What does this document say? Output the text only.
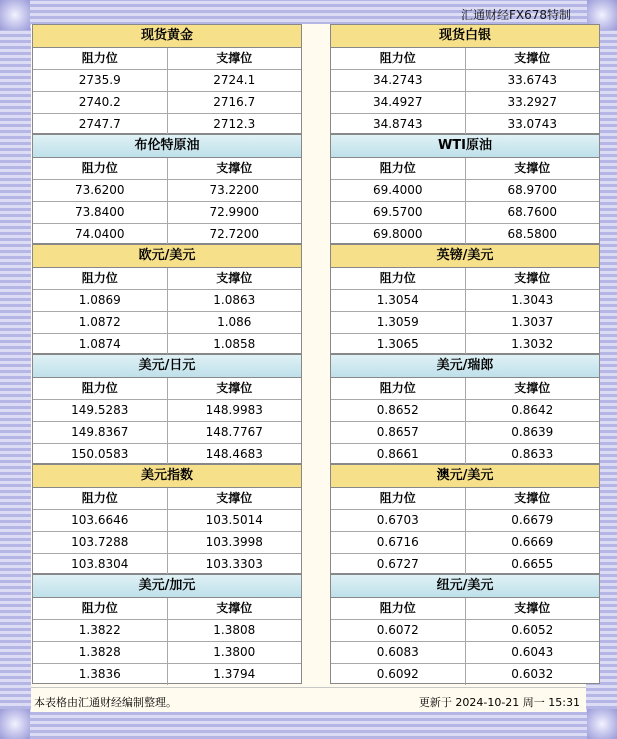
汇通财经FX678特制
现货黄金
阻力位	支撑位
2735.9	2724.1
2740.2	2716.7
2747.7	2712.3
布伦特原油
阻力位	支撑位
73.6200	73.2200
73.8400	72.9900
74.0400	72.7200
欧元/美元
阻力位	支撑位
1.0869	1.0863
1.0872	1.086
1.0874	1.0858
美元/日元
阻力位	支撑位
149.5283	148.9983
149.8367	148.7767
150.0583	148.4683
美元指数
阻力位	支撑位
103.6646	103.5014
103.7288	103.3998
103.8304	103.3303
美元/加元
阻力位	支撑位
1.3822	1.3808
1.3828	1.3800
1.3836	1.3794
现货白银
阻力位	支撑位
34.2743	33.6743
34.4927	33.2927
34.8743	33.0743
WTI原油
阻力位	支撑位
69.4000	68.9700
69.5700	68.7600
69.8000	68.5800
英镑/美元
阻力位	支撑位
1.3054	1.3043
1.3059	1.3037
1.3065	1.3032
美元/瑞郎
阻力位	支撑位
0.8652	0.8642
0.8657	0.8639
0.8661	0.8633
澳元/美元
阻力位	支撑位
0.6703	0.6679
0.6716	0.6669
0.6727	0.6655
纽元/美元
阻力位	支撑位
0.6072	0.6052
0.6083	0.6043
0.6092	0.6032
本表格由汇通财经编制整理。	更新于 2024-10-21 周一 15:31
